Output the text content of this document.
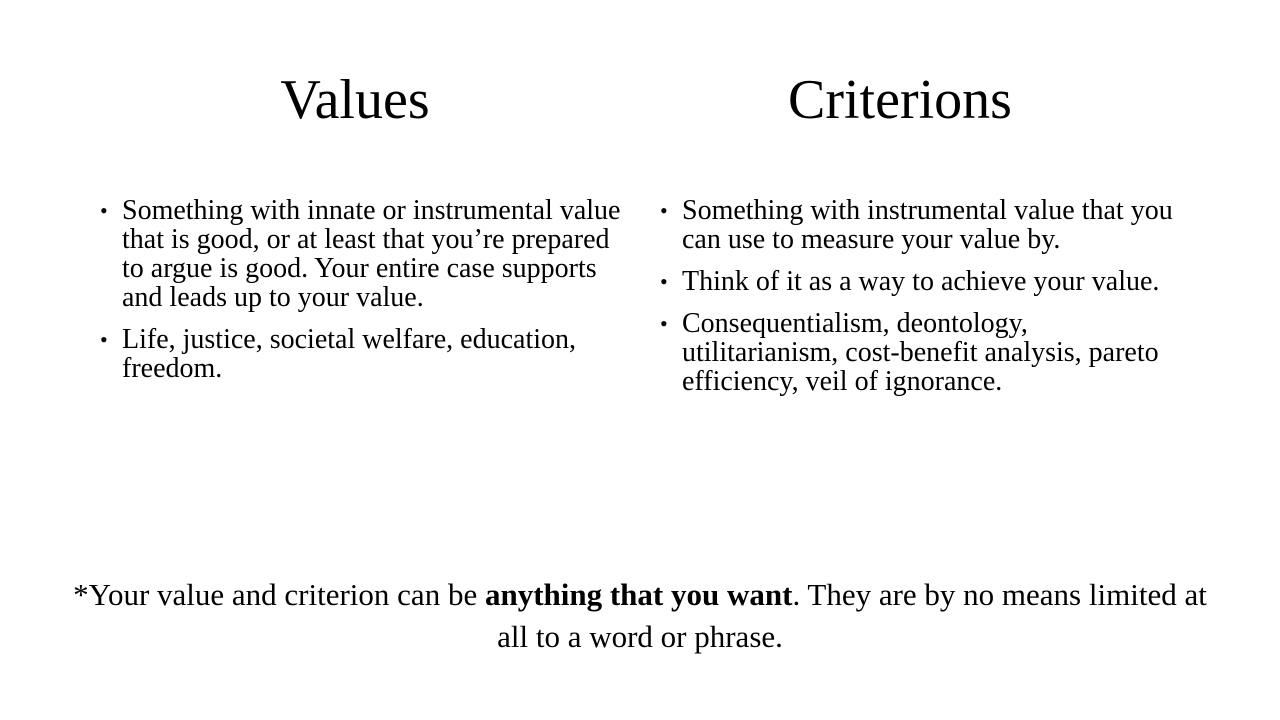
Values	Criterions
• Something with innate or instrumental value that is good, or at least that you’re prepared to argue is good. Your entire case supports and leads up to your value.
• Life, justice, societal welfare, education, freedom.
• Something with instrumental value that you can use to measure your value by.
• Think of it as a way to achieve your value.
• Consequentialism, deontology, utilitarianism, cost-benefit analysis, pareto efficiency, veil of ignorance.

*Your value and criterion can be anything that you want. They are by no means limited at all to a word or phrase.
